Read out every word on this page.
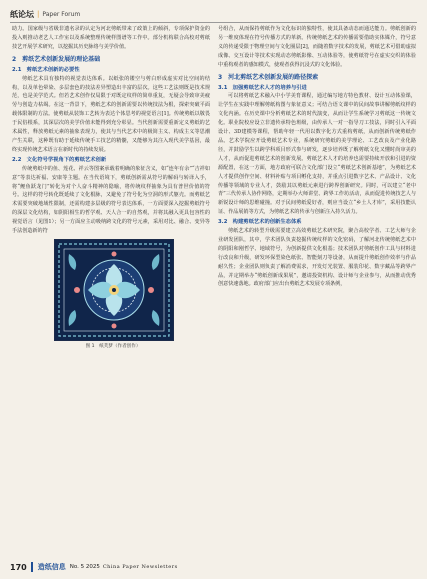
纸论坛 | Paper Forum

助力。国家级与省级非遗名录的认定为河北剪纸带来了政策上的倾斜，专项保护资金的投入则推动老艺人工作室以及系统整理传统样图谱等工作中。部分机构联合高校对剪纸技艺开展学术研究，以挖掘其历史脉络与美学价值。

2　剪纸艺术创新发展的理论基础
2.1　剪纸艺术创新的必要性

剪纸艺术具有独特的视觉表达体系。以纸张的镂空与剪白形成虚实对比空间的结构，以及单色晕染、多层套色的技法差异塑造出丰富的层次。这些工艺法则既是技术规范，也是美学范式。但若艺术创作仅局限于对既定纹样的简单重复，无疑会导致审美疲劳与创造力枯竭。在这一背景下，剪纸艺术的创新需要以传统技法为根，探索突破平面载体限制的方法。使剪纸从装饰工艺转为表达个体思考的视觉语言[1]。传统剪纸以敬畏于民俗根系，其深层次的美学价值未能得到充分彰显。当代创新需要重新定义剪纸的艺术属性，释放剪纸元素的抽象表现力，使其与当代艺术中的极简主义、构成主义等思潮产生关联，这种既有助于延续传统手工技艺的精髓，又能够为其注入现代美学基因，最终实现传统艺术语言在新时代的持续发展。

2.2　文化符号学视角下的剪纸艺术创新

传统剪纸中的鱼、莲花、祥云等图案承载着明确的象征含义，如“连年有余”“吉祥如意”等表达祈福、安康等主题。在当代语境下，剪纸创新需从符号的解码与转译入手，将“鲤鱼跃龙门”转化为对个人奋斗精神的隐喻，将传统纹样抽象为具有普世价值的符号。这样的符号转化既延续了文化根脉，又避免了符号化为空洞的形式躯壳。而剪纸艺术需要突破地域性限制，还需构建多层级的符号表达体系，一方面要深入挖掘剪纸符号的深层文化结构，如阴阳相生的哲学观、天人合一的自然观，并将其融入更具包容性的视觉语言（见图1）；另一方面应主动吸纳跨文化的符号元素，采用对比、融合、变异等手法创造新的符

图 1　纸芙梦（作者创作）

号组合，从而保持剪纸作为文化标识的独特性，使其具备动态而通达能力。剪纸创新的另一维度体现在符号传播方式的革新。传统剪纸艺术的传播需要借助实体媒介，符号意义的传递受限于物理空间与文化圈层[2]，而随着数字技术的发展，剪纸艺术可借助虚拟成像、交互设计等技术实现动态剪纸影像、互动体验等，使剪纸符号在虚实交织的体验中重构观者的感知模式，使观者获得沉浸式的文化体验。

3　河北剪纸艺术创新发展的路径探索
3.1　加强剪纸艺术人才的培养与引进

可以将剪纸艺术融入中小学美育课程，通过编写地方特色教材、设计互动体验课，让学生在实践中理解剪纸构图与象征意义；可结合语文课中的民间故事讲解剪纸纹样的文化内涵。在历史课中分析剪纸艺术的时代演变，从而让学生系统学习剪纸这一传统文化。职业院校应设立非遗传承特色班级，由传承人一对一指导刀工技法，同时引入平面设计、3D建模等课程，帮助年轻一代用以数字化方式重构剪纸，从而创新传统剪纸作品。艺术学院应开设剪纸艺术专业，系统研究剪纸的美学理论、工艺改良及产业化路径，并鼓励学生以跨学科项目形式参与研发，逐步培养既了解剪纸文化又懂时尚审美的人才，从而促进剪纸艺术的创新发展。剪纸艺术人才的培养也需要持续开放和引进的资源配置，在这一方面，地方政府可联合文化部门设立“剪纸艺术创新基地”，为剪纸艺术人才提供创作空间、材料补贴与项目孵化支持，并重点引进数字艺术、产品设计、文化传播等领域的专业人才，鼓励其以剪纸元素进行跨界创新研究。同时，可以建立“老中青”三代传承人协作网络，定期举办大师讲堂、跨界工作坊活动，从而促进传统技艺人与新锐设计师的思维碰撞。对于民间剪纸爱好者，则应当设立“乡土人才库”，采用技能认证、作品展销等方式，为剪纸艺术的传承与创新注入持久活力。

3.2　构建剪纸艺术的创新生态体系

剪纸艺术的转型升级需要建立高效剪纸艺术研究院，聚合高校学者、工艺大师与企业研发团队，其中，学术团队负责挖掘传统纹样的文化密码，了解河北传统剪纸艺术中的阴阳和刚哲学、地域符号，为创新提供文化根基；技术团队对剪纸创作工具与材料进行改良和升级，研发环保型染色纸张、智能刻刀等设备，从而提升剪纸创作效率与作品耐久性；企业团队则负责了解消费需求，开发灯光装置、服装印花、数字藏品等跨界产品，并定期举办“剪纸创新成果展”，邀请投资机构、设计师与企业参与，从而推动优秀创意快速落地。政府部门应出台剪纸艺术发展专项条例，

170 造纸信息 No. 5 2025 China Paper Newsletters
